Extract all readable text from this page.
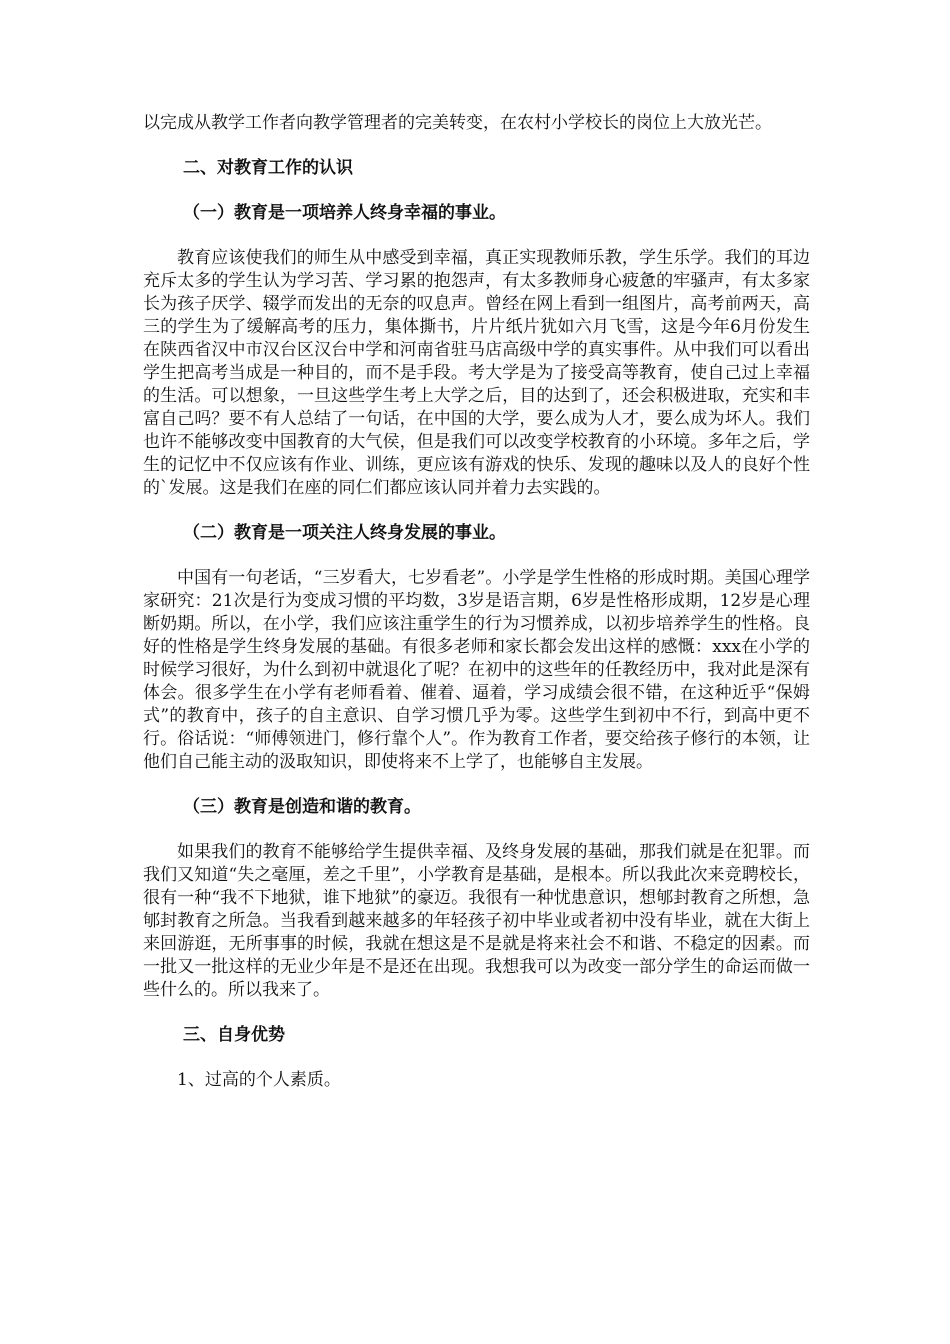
以完成从教学工作者向教学管理者的完美转变，在农村小学校长的岗位上大放光芒。

二、对教育工作的认识

（一）教育是一项培养人终身幸福的事业。

教育应该使我们的师生从中感受到幸福，真正实现教师乐教，学生乐学。我们的耳边充斥太多的学生认为学习苦、学习累的抱怨声，有太多教师身心疲惫的牢骚声，有太多家长为孩子厌学、辍学而发出的无奈的叹息声。曾经在网上看到一组图片，高考前两天，高三的学生为了缓解高考的压力，集体撕书，片片纸片犹如六月飞雪，这是今年6月份发生在陕西省汉中市汉台区汉台中学和河南省驻马店高级中学的真实事件。从中我们可以看出学生把高考当成是一种目的，而不是手段。考大学是为了接受高等教育，使自己过上幸福的生活。可以想象，一旦这些学生考上大学之后，目的达到了，还会积极进取，充实和丰富自己吗？要不有人总结了一句话，在中国的大学，要么成为人才，要么成为坏人。我们也许不能够改变中国教育的大气侯，但是我们可以改变学校教育的小环境。多年之后，学生的记忆中不仅应该有作业、训练，更应该有游戏的快乐、发现的趣味以及人的良好个性的`发展。这是我们在座的同仁们都应该认同并着力去实践的。

（二）教育是一项关注人终身发展的事业。

中国有一句老话，“三岁看大，七岁看老”。小学是学生性格的形成时期。美国心理学家研究：21次是行为变成习惯的平均数，3岁是语言期，6岁是性格形成期，12岁是心理断奶期。所以，在小学，我们应该注重学生的行为习惯养成，以初步培养学生的性格。良好的性格是学生终身发展的基础。有很多老师和家长都会发出这样的感慨：xxx在小学的时候学习很好，为什么到初中就退化了呢？在初中的这些年的任教经历中，我对此是深有体会。很多学生在小学有老师看着、催着、逼着，学习成绩会很不错，在这种近乎“保姆式”的教育中，孩子的自主意识、自学习惯几乎为零。这些学生到初中不行，到高中更不行。俗话说：“师傅领进门，修行靠个人”。作为教育工作者，要交给孩子修行的本领，让他们自己能主动的汲取知识，即使将来不上学了，也能够自主发展。

（三）教育是创造和谐的教育。

如果我们的教育不能够给学生提供幸福、及终身发展的基础，那我们就是在犯罪。而我们又知道“失之毫厘，差之千里”，小学教育是基础，是根本。所以我此次来竞聘校长，很有一种“我不下地狱，谁下地狱”的豪迈。我很有一种忧患意识，想郇封教育之所想，急郇封教育之所急。当我看到越来越多的年轻孩子初中毕业或者初中没有毕业，就在大街上来回游逛，无所事事的时候，我就在想这是不是就是将来社会不和谐、不稳定的因素。而一批又一批这样的无业少年是不是还在出现。我想我可以为改变一部分学生的命运而做一些什么的。所以我来了。

三、自身优势

1、过高的个人素质。
